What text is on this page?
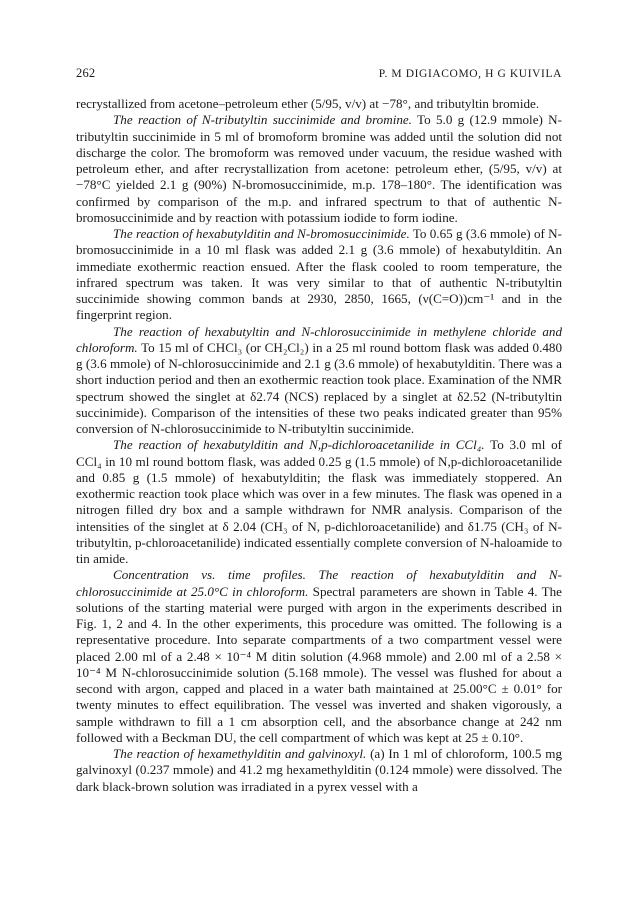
262	P. M DIGIACOMO, H G KUIVILA

recrystallized from acetone–petroleum ether (5/95, v/v) at −78°, and tributyltin bromide.

The reaction of N-tributyltin succinimide and bromine. To 5.0 g (12.9 mmole) N-tributyltin succinimide in 5 ml of bromoform bromine was added until the solution did not discharge the color. The bromoform was removed under vacuum, the residue washed with petroleum ether, and after recrystallization from acetone: petroleum ether, (5/95, v/v) at −78°C yielded 2.1 g (90%) N-bromosuccinimide, m.p. 178–180°. The identification was confirmed by comparison of the m.p. and infrared spectrum to that of authentic N-bromosuccinimide and by reaction with potassium iodide to form iodine.

The reaction of hexabutylditin and N-bromosuccinimide. To 0.65 g (3.6 mmole) of N-bromosuccinimide in a 10 ml flask was added 2.1 g (3.6 mmole) of hexabutylditin. An immediate exothermic reaction ensued. After the flask cooled to room temperature, the infrared spectrum was taken. It was very similar to that of authentic N-tributyltin succinimide showing common bands at 2930, 2850, 1665, (ν(C=O))cm⁻¹ and in the fingerprint region.

The reaction of hexabutyltin and N-chlorosuccinimide in methylene chloride and chloroform. To 15 ml of CHCl₃ (or CH₂Cl₂) in a 25 ml round bottom flask was added 0.480 g (3.6 mmole) of N-chlorosuccinimide and 2.1 g (3.6 mmole) of hexabutylditin. There was a short induction period and then an exothermic reaction took place. Examination of the NMR spectrum showed the singlet at δ2.74 (NCS) replaced by a singlet at δ2.52 (N-tributyltin succinimide). Comparison of the intensities of these two peaks indicated greater than 95% conversion of N-chlorosuccinimide to N-tributyltin succinimide.

The reaction of hexabutylditin and N,p-dichloroacetanilide in CCl₄. To 3.0 ml of CCl₄ in 10 ml round bottom flask, was added 0.25 g (1.5 mmole) of N,p-dichloroacetanilide and 0.85 g (1.5 mmole) of hexabutylditin; the flask was immediately stoppered. An exothermic reaction took place which was over in a few minutes. The flask was opened in a nitrogen filled dry box and a sample withdrawn for NMR analysis. Comparison of the intensities of the singlet at δ 2.04 (CH₃ of N, p-dichloroacetanilide) and δ1.75 (CH₃ of N-tributyltin, p-chloroacetanilide) indicated essentially complete conversion of N-haloamide to tin amide.

Concentration vs. time profiles. The reaction of hexabutylditin and N-chlorosuccinimide at 25.0°C in chloroform. Spectral parameters are shown in Table 4. The solutions of the starting material were purged with argon in the experiments described in Fig. 1, 2 and 4. In the other experiments, this procedure was omitted. The following is a representative procedure. Into separate compartments of a two compartment vessel were placed 2.00 ml of a 2.48 × 10⁻⁴ M ditin solution (4.968 mmole) and 2.00 ml of a 2.58 × 10⁻⁴ M N-chlorosuccinimide solution (5.168 mmole). The vessel was flushed for about a second with argon, capped and placed in a water bath maintained at 25.00°C ± 0.01° for twenty minutes to effect equilibration. The vessel was inverted and shaken vigorously, a sample withdrawn to fill a 1 cm absorption cell, and the absorbance change at 242 nm followed with a Beckman DU, the cell compartment of which was kept at 25 ± 0.10°.

The reaction of hexamethylditin and galvinoxyl. (a) In 1 ml of chloroform, 100.5 mg galvinoxyl (0.237 mmole) and 41.2 mg hexamethylditin (0.124 mmole) were dissolved. The dark black-brown solution was irradiated in a pyrex vessel with a
